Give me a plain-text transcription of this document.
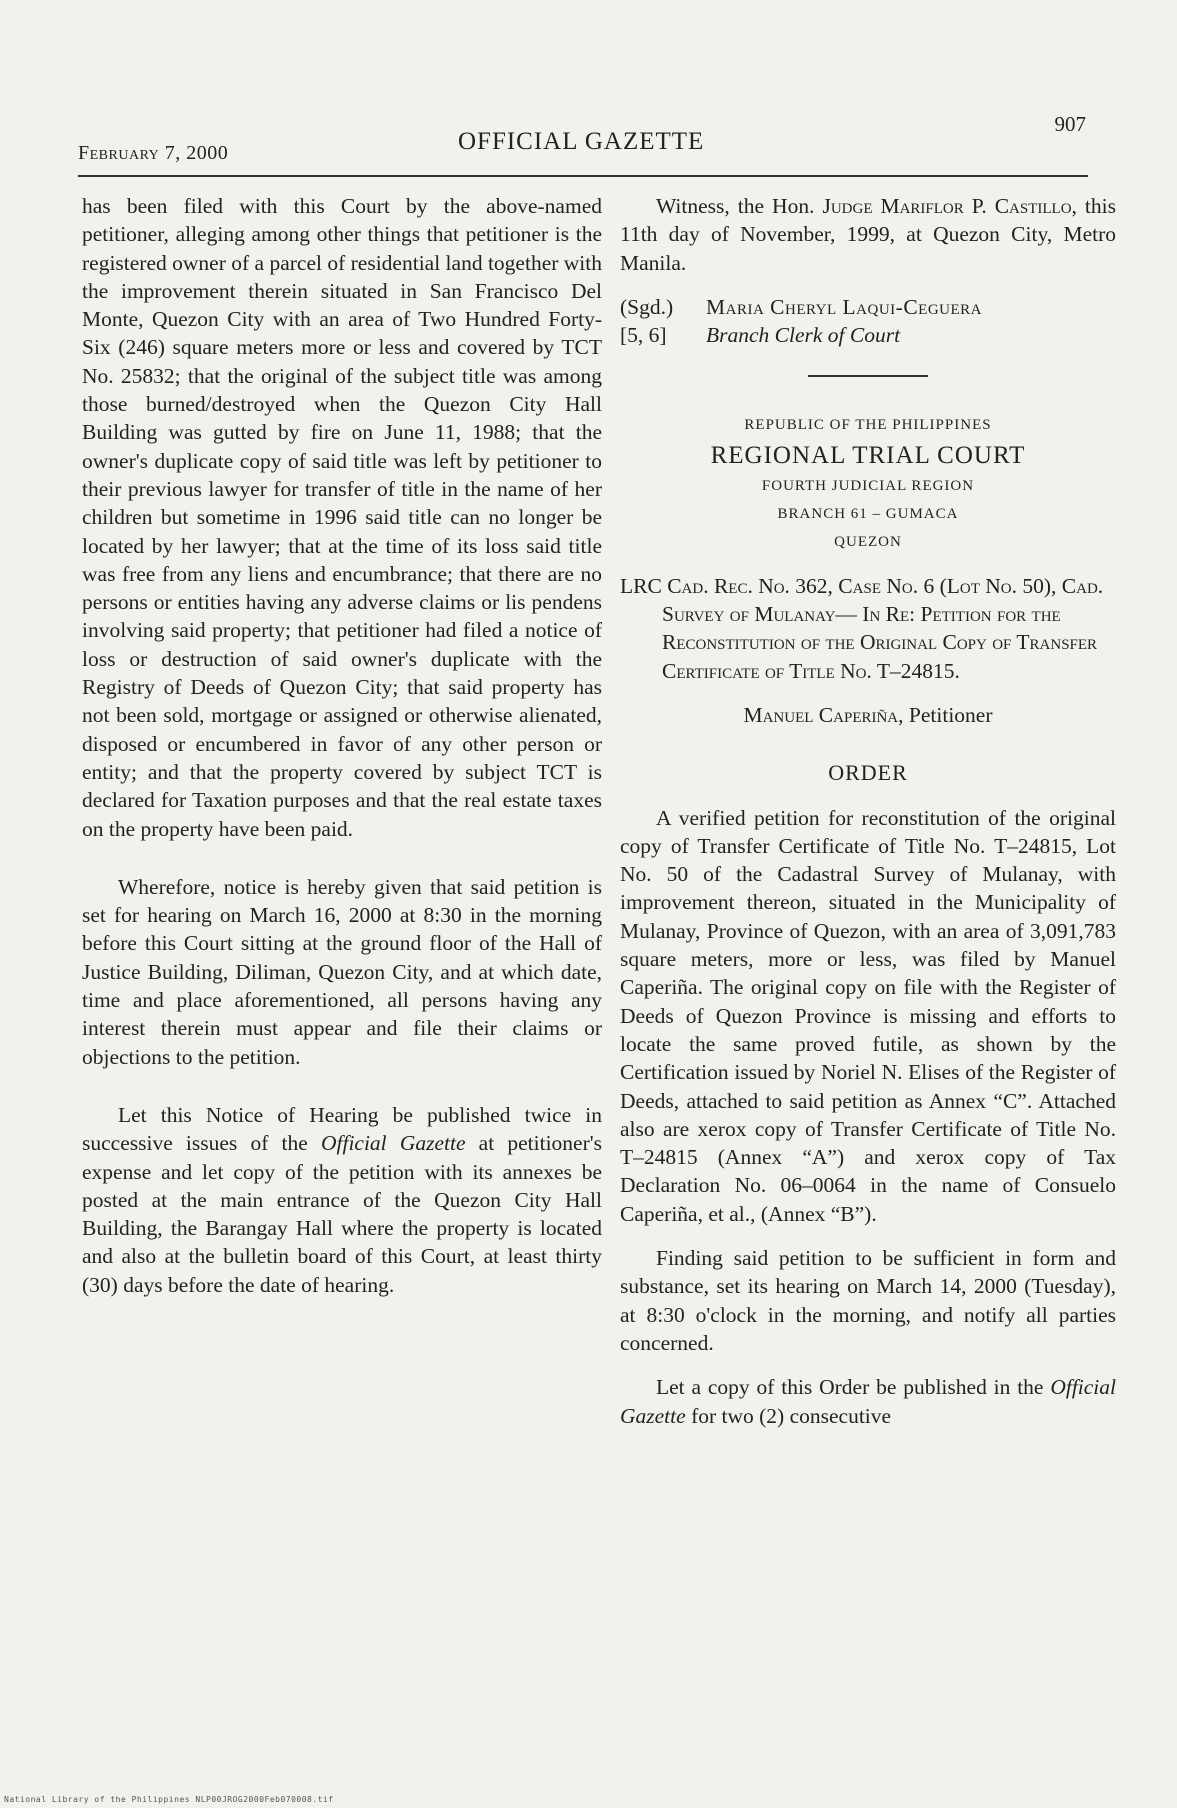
February 7, 2000	OFFICIAL GAZETTE
907

has been filed with this Court by the above-named petitioner, alleging among other things that petitioner is the registered owner of a parcel of residential land together with the improvement therein situated in San Francisco Del Monte, Quezon City with an area of Two Hundred Forty-Six (246) square meters more or less and covered by TCT No. 25832; that the original of the subject title was among those burned/destroyed when the Quezon City Hall Building was gutted by fire on June 11, 1988; that the owner's duplicate copy of said title was left by petitioner to their previous lawyer for transfer of title in the name of her children but sometime in 1996 said title can no longer be located by her lawyer; that at the time of its loss said title was free from any liens and encumbrance; that there are no persons or entities having any adverse claims or lis pendens involving said property; that petitioner had filed a notice of loss or destruction of said owner's duplicate with the Registry of Deeds of Quezon City; that said property has not been sold, mortgage or assigned or otherwise alienated, disposed or encumbered in favor of any other person or entity; and that the property covered by subject TCT is declared for Taxation purposes and that the real estate taxes on the property have been paid.

Wherefore, notice is hereby given that said petition is set for hearing on March 16, 2000 at 8:30 in the morning before this Court sitting at the ground floor of the Hall of Justice Building, Diliman, Quezon City, and at which date, time and place aforementioned, all persons having any interest therein must appear and file their claims or objections to the petition.

Let this Notice of Hearing be published twice in successive issues of the Official Gazette at petitioner's expense and let copy of the petition with its annexes be posted at the main entrance of the Quezon City Hall Building, the Barangay Hall where the property is located and also at the bulletin board of this Court, at least thirty (30) days before the date of hearing.

Witness, the Hon. Judge Mariflor P. Castillo, this 11th day of November, 1999, at Quezon City, Metro Manila.

(Sgd.)	Maria Cheryl Laqui-Ceguera
[5, 6]	Branch Clerk of Court
REPUBLIC OF THE PHILIPPINES
REGIONAL TRIAL COURT
FOURTH JUDICIAL REGION
BRANCH 61 – GUMACA
QUEZON

LRC Cad. Rec. No. 362, Case No. 6 (Lot No. 50), Cad. Survey of Mulanay— In Re: Petition for the Reconstitution of the Original Copy of Transfer Certificate of Title No. T–24815.

Manuel Caperiña, Petitioner

ORDER

A verified petition for reconstitution of the original copy of Transfer Certificate of Title No. T–24815, Lot No. 50 of the Cadastral Survey of Mulanay, with improvement thereon, situated in the Municipality of Mulanay, Province of Quezon, with an area of 3,091,783 square meters, more or less, was filed by Manuel Caperiña. The original copy on file with the Register of Deeds of Quezon Province is missing and efforts to locate the same proved futile, as shown by the Certification issued by Noriel N. Elises of the Register of Deeds, attached to said petition as Annex “C”. Attached also are xerox copy of Transfer Certificate of Title No. T–24815 (Annex “A”) and xerox copy of Tax Declaration No. 06–0064 in the name of Consuelo Caperiña, et al., (Annex “B”).

Finding said petition to be sufficient in form and substance, set its hearing on March 14, 2000 (Tuesday), at 8:30 o'clock in the morning, and notify all parties concerned.

Let a copy of this Order be published in the Official Gazette for two (2) consecutive

National Library of the Philippines NLP00JROG2000Feb070008.tif
